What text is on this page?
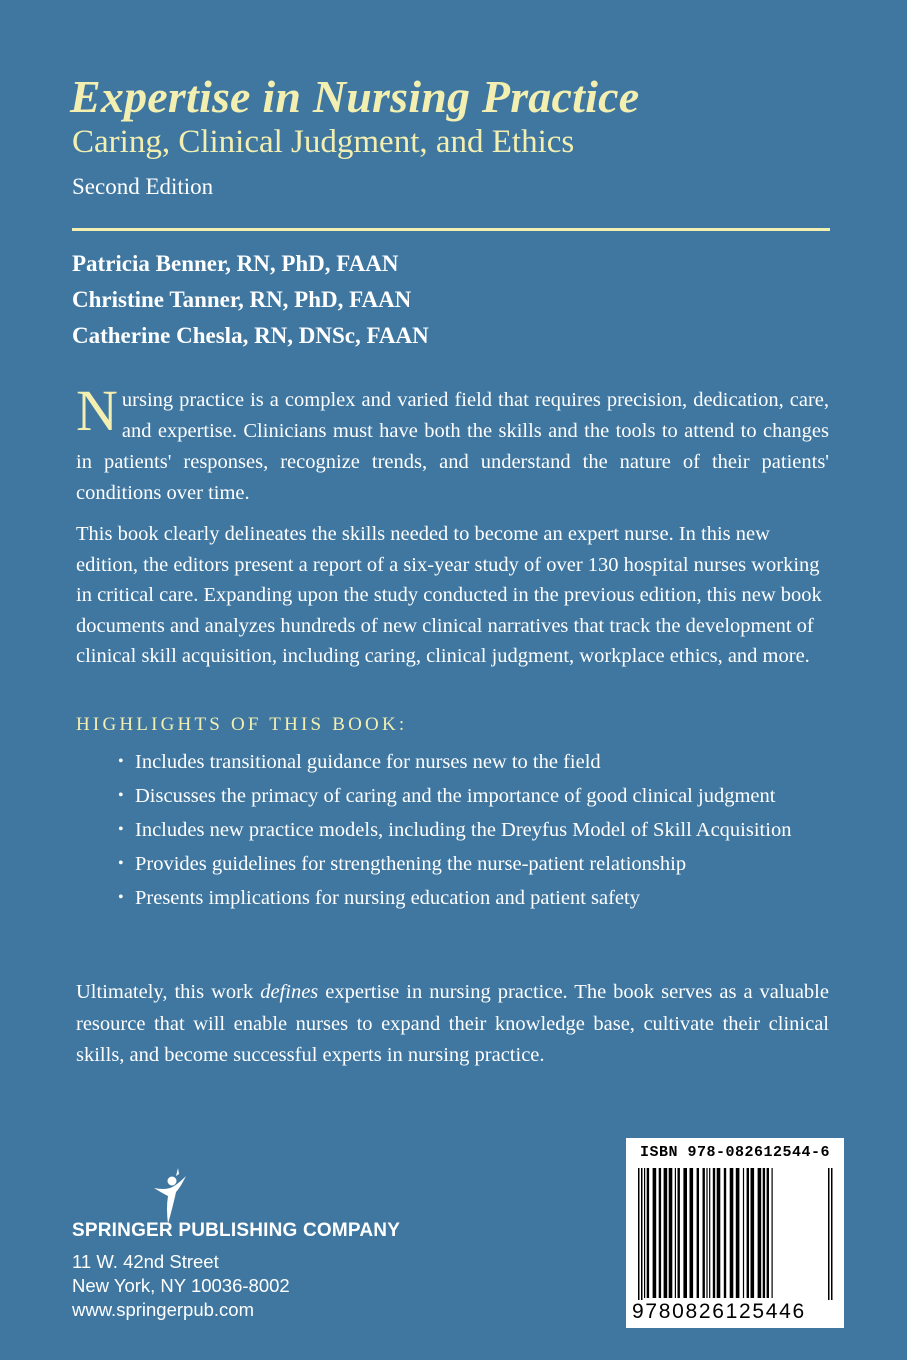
Expertise in Nursing Practice
Caring, Clinical Judgment, and Ethics
Second Edition
Patricia Benner, RN, PhD, FAAN
Christine Tanner, RN, PhD, FAAN
Catherine Chesla, RN, DNSc, FAAN

Nursing practice is a complex and varied field that requires precision, dedication, care, and expertise. Clinicians must have both the skills and the tools to attend to changes in patients' responses, recognize trends, and understand the nature of their patients' conditions over time.

This book clearly delineates the skills needed to become an expert nurse. In this new edition, the editors present a report of a six-year study of over 130 hospital nurses working in critical care. Expanding upon the study conducted in the previous edition, this new book documents and analyzes hundreds of new clinical narratives that track the development of clinical skill acquisition, including caring, clinical judgment, workplace ethics, and more.

HIGHLIGHTS OF THIS BOOK:
• Includes transitional guidance for nurses new to the field
• Discusses the primacy of caring and the importance of good clinical judgment
• Includes new practice models, including the Dreyfus Model of Skill Acquisition
• Provides guidelines for strengthening the nurse-patient relationship
• Presents implications for nursing education and patient safety

Ultimately, this work defines expertise in nursing practice. The book serves as a valuable resource that will enable nurses to expand their knowledge base, cultivate their clinical skills, and become successful experts in nursing practice.

SPRINGER PUBLISHING COMPANY
11 W. 42nd Street
New York, NY 10036-8002
www.springerpub.com
ISBN 978-082612544-6
9780826125446
